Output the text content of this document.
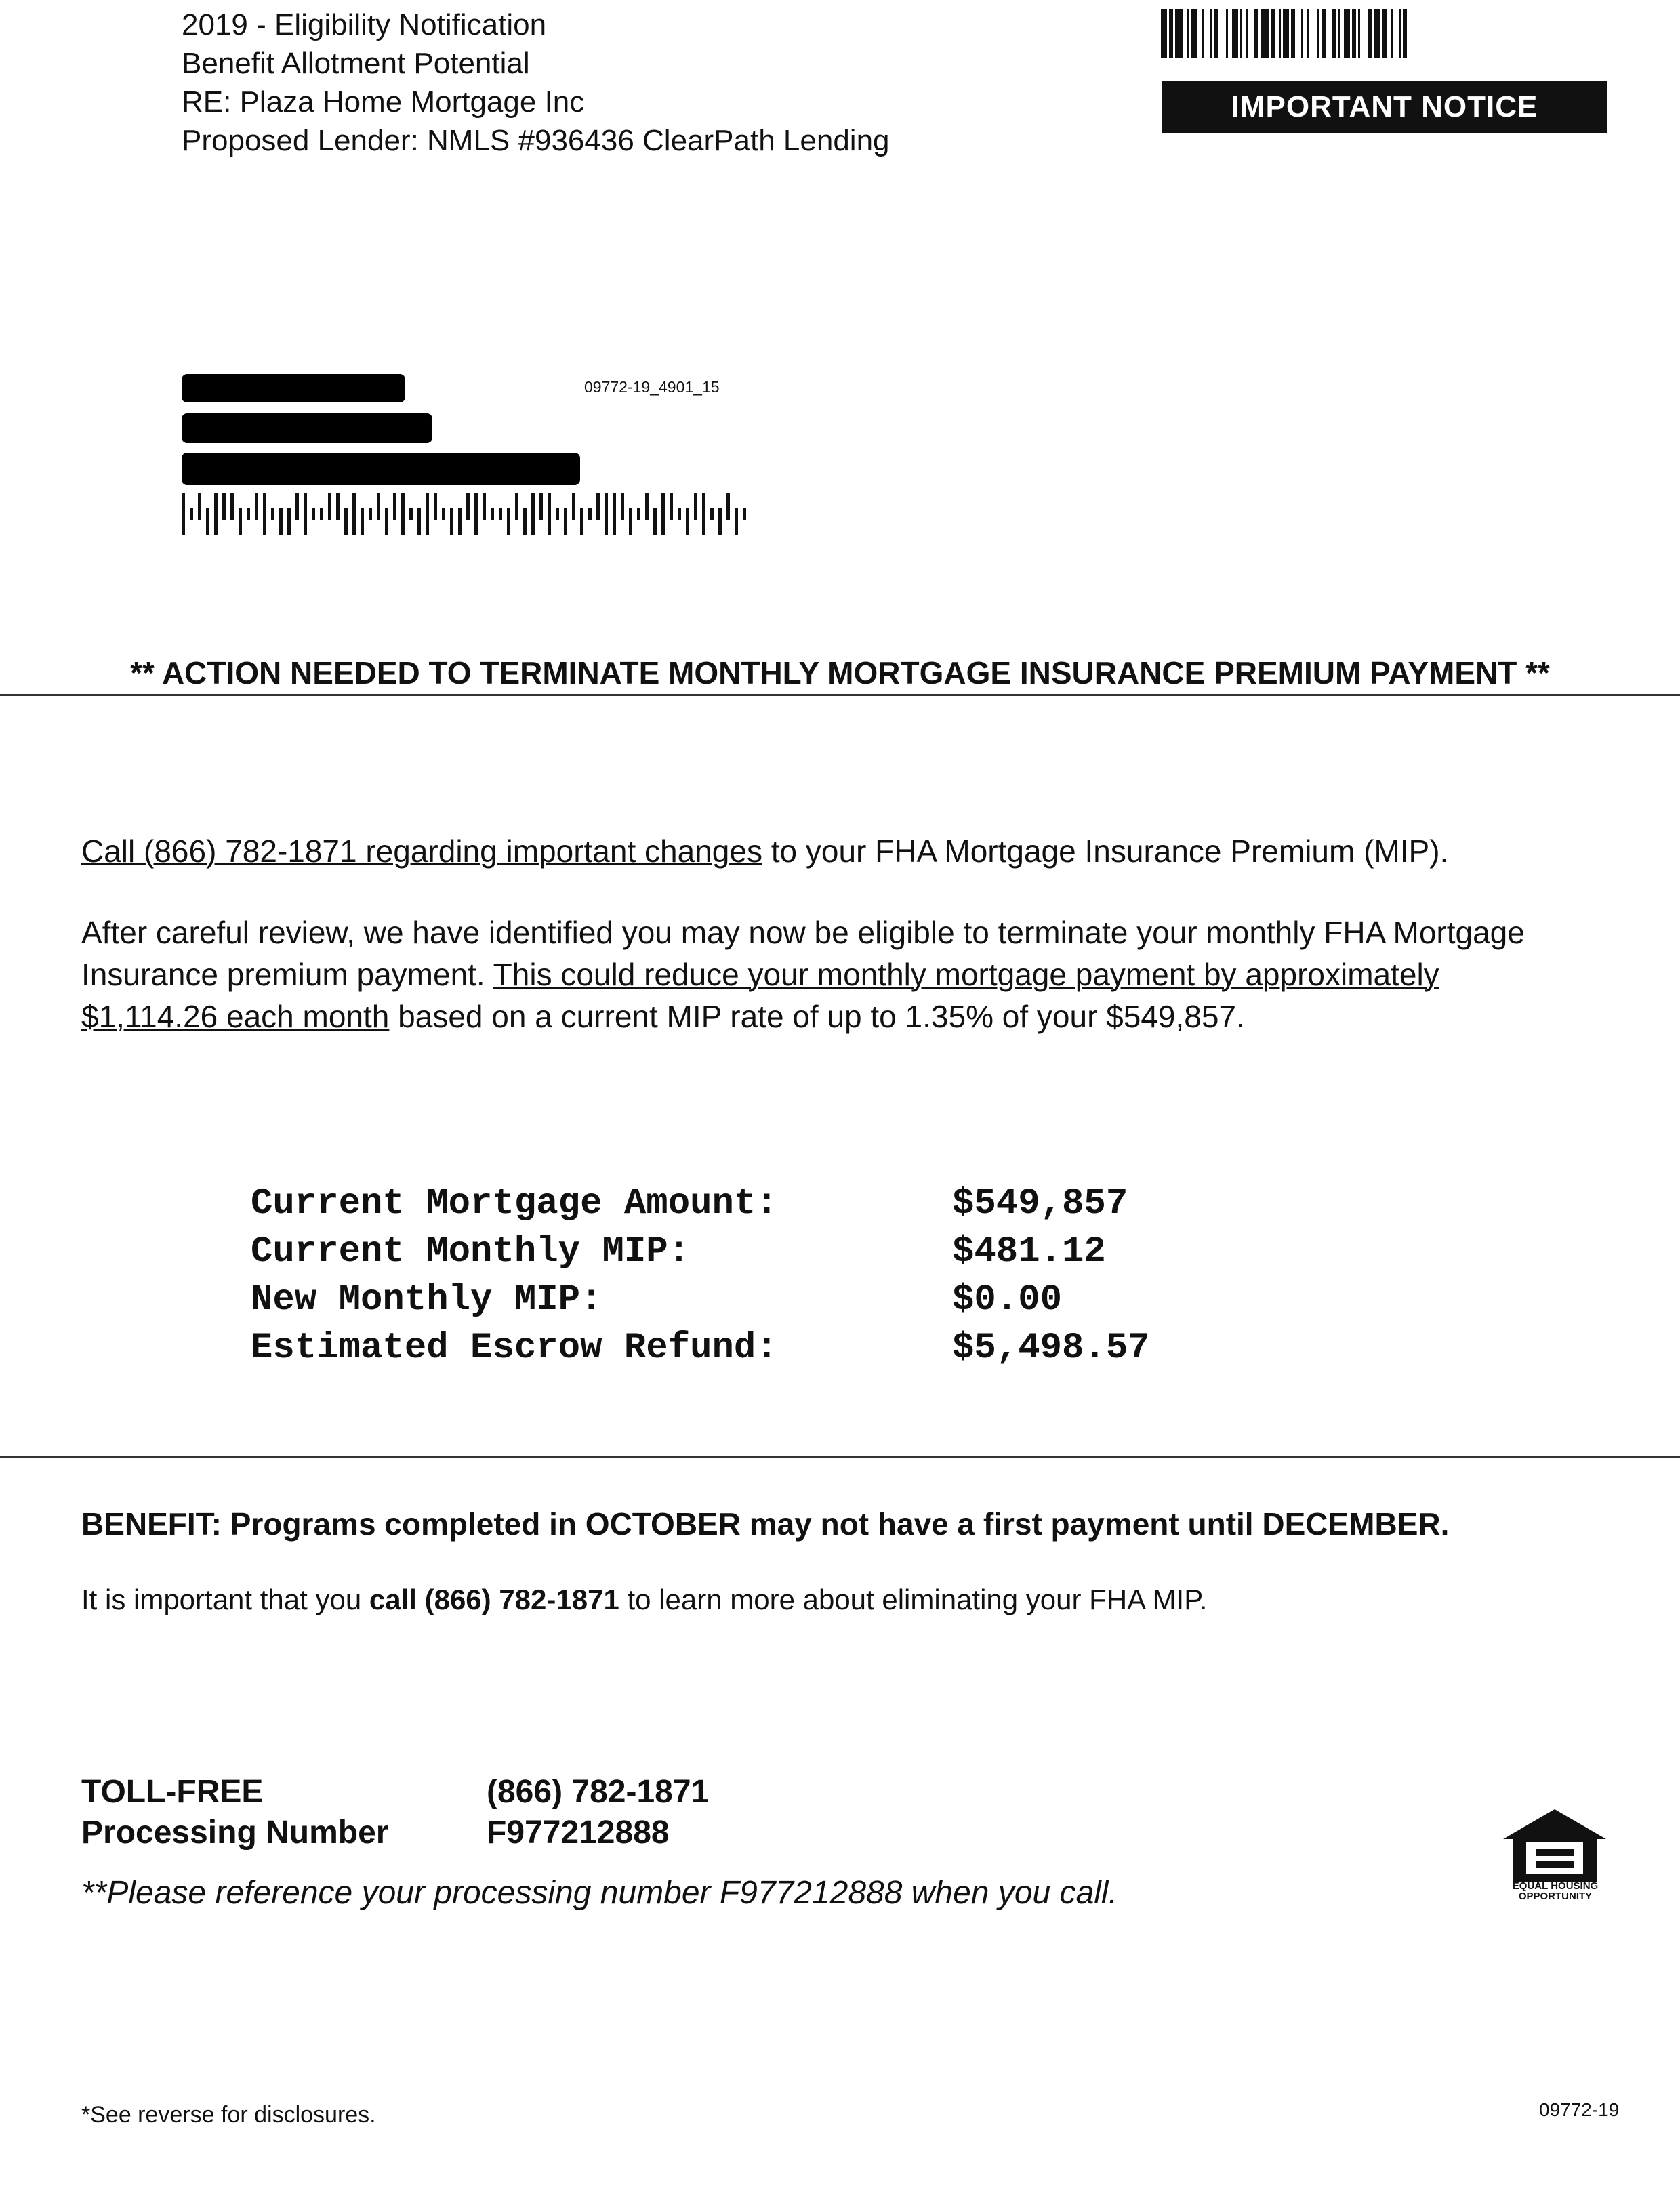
2019 - Eligibility Notification
Benefit Allotment Potential
RE: Plaza Home Mortgage Inc
Proposed Lender: NMLS #936436 ClearPath Lending
IMPORTANT NOTICE
09772-19_4901_15
** ACTION NEEDED TO TERMINATE MONTHLY MORTGAGE INSURANCE PREMIUM PAYMENT **
Call (866) 782-1871 regarding important changes to your FHA Mortgage Insurance Premium (MIP).
After careful review, we have identified you may now be eligible to terminate your monthly FHA Mortgage
Insurance premium payment. This could reduce your monthly mortgage payment by approximately
$1,114.26 each month based on a current MIP rate of up to 1.35% of your $549,857.
Current Mortgage Amount:	$549,857
Current Monthly MIP:	$481.12
New Monthly MIP:	$0.00
Estimated Escrow Refund:	$5,498.57
BENEFIT: Programs completed in OCTOBER may not have a first payment until DECEMBER.
It is important that you call (866) 782-1871 to learn more about eliminating your FHA MIP.
TOLL-FREE	(866) 782-1871
Processing Number	F977212888
**Please reference your processing number F977212888 when you call.	EQUAL HOUSING
OPPORTUNITY
*See reverse for disclosures.	09772-19
